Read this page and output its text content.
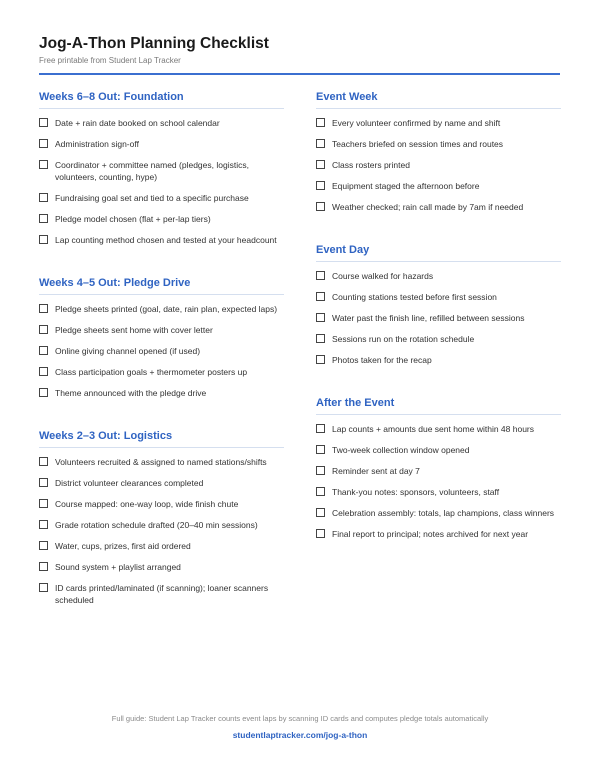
Jog-A-Thon Planning Checklist
Free printable from Student Lap Tracker
Weeks 6–8 Out: Foundation
Date + rain date booked on school calendar
Administration sign-off
Coordinator + committee named (pledges, logistics, volunteers, counting, hype)
Fundraising goal set and tied to a specific purchase
Pledge model chosen (flat + per-lap tiers)
Lap counting method chosen and tested at your headcount
Weeks 4–5 Out: Pledge Drive
Pledge sheets printed (goal, date, rain plan, expected laps)
Pledge sheets sent home with cover letter
Online giving channel opened (if used)
Class participation goals + thermometer posters up
Theme announced with the pledge drive
Weeks 2–3 Out: Logistics
Volunteers recruited & assigned to named stations/shifts
District volunteer clearances completed
Course mapped: one-way loop, wide finish chute
Grade rotation schedule drafted (20–40 min sessions)
Water, cups, prizes, first aid ordered
Sound system + playlist arranged
ID cards printed/laminated (if scanning); loaner scanners scheduled
Event Week
Every volunteer confirmed by name and shift
Teachers briefed on session times and routes
Class rosters printed
Equipment staged the afternoon before
Weather checked; rain call made by 7am if needed
Event Day
Course walked for hazards
Counting stations tested before first session
Water past the finish line, refilled between sessions
Sessions run on the rotation schedule
Photos taken for the recap
After the Event
Lap counts + amounts due sent home within 48 hours
Two-week collection window opened
Reminder sent at day 7
Thank-you notes: sponsors, volunteers, staff
Celebration assembly: totals, lap champions, class winners
Final report to principal; notes archived for next year
Full guide: Student Lap Tracker counts event laps by scanning ID cards and computes pledge totals automatically
studentlaptracker.com/jog-a-thon
